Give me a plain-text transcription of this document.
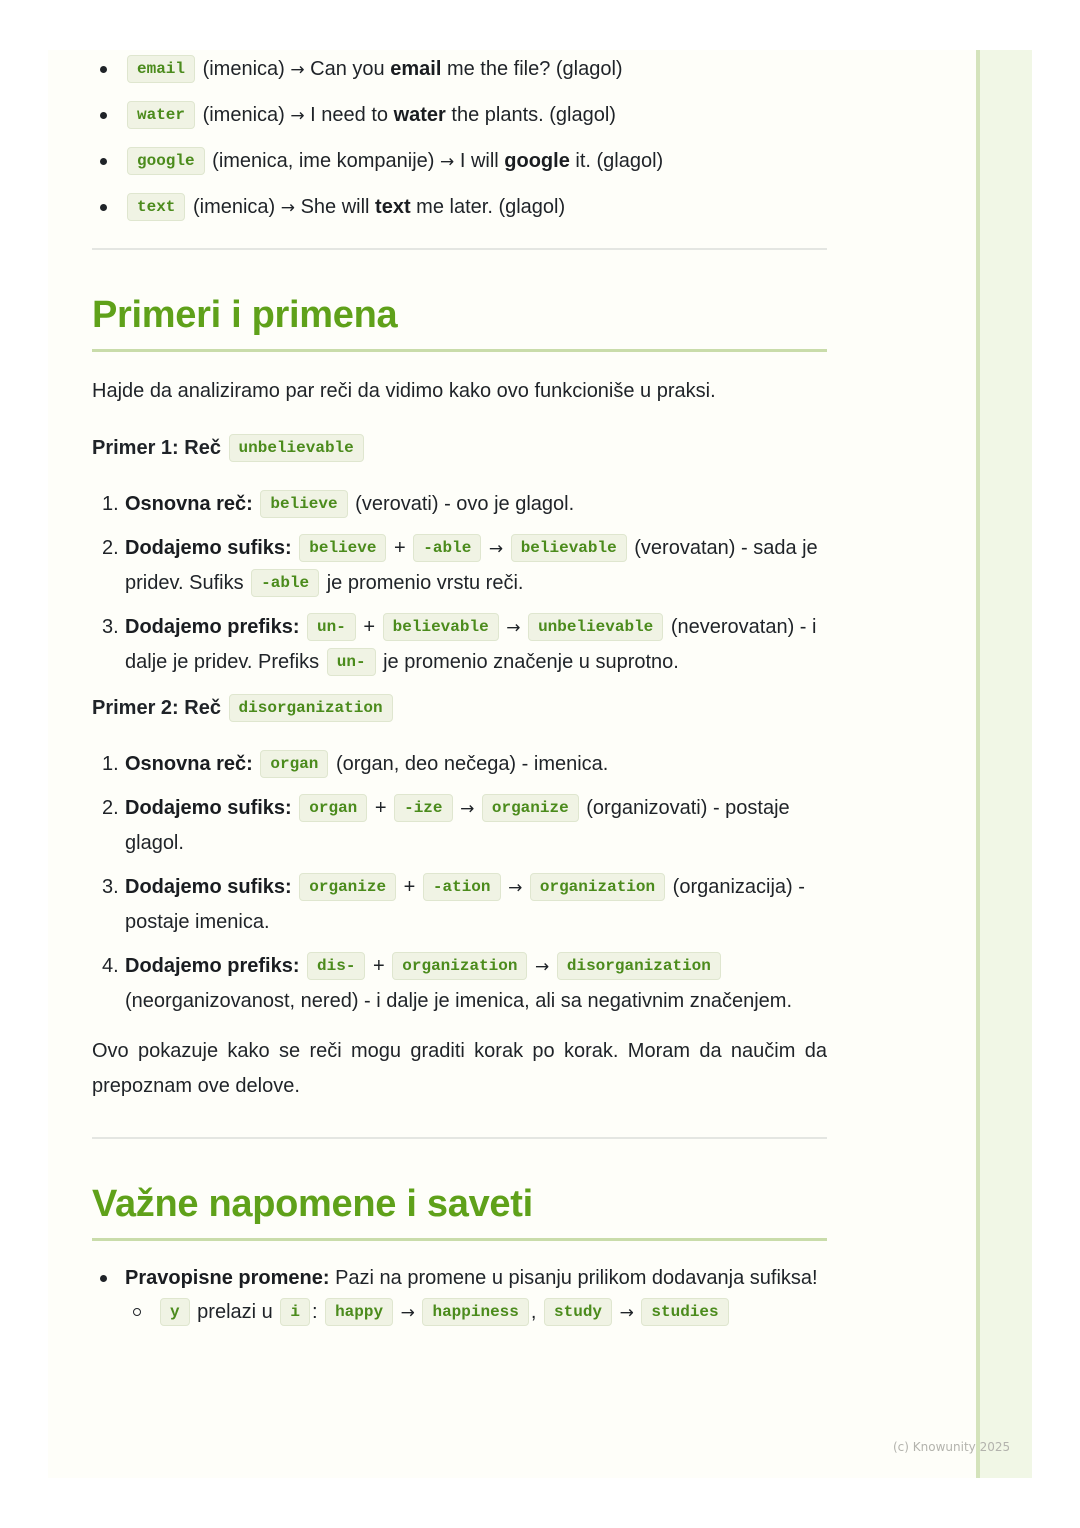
email (imenica) → Can you email me the file? (glagol)
water (imenica) → I need to water the plants. (glagol)
google (imenica, ime kompanije) → I will google it. (glagol)
text (imenica) → She will text me later. (glagol)
Primeri i primena

Hajde da analiziramo par reči da vidimo kako ovo funkcioniše u praksi.

Primer 1: Reč unbelievable

1. Osnovna reč: believe (verovati) - ovo je glagol.
2. Dodajemo sufiks: believe + -able → believable (verovatan) - sada je pridev. Sufiks -able je promenio vrstu reči.
3. Dodajemo prefiks: un- + believable → unbelievable (neverovatan) - i dalje je pridev. Prefiks un- je promenio značenje u suprotno.

Primer 2: Reč disorganization

1. Osnovna reč: organ (organ, deo nečega) - imenica.
2. Dodajemo sufiks: organ + -ize → organize (organizovati) - postaje glagol.
3. Dodajemo sufiks: organize + -ation → organization (organizacija) - postaje imenica.
4. Dodajemo prefiks: dis- + organization → disorganization (neorganizovanost, nered) - i dalje je imenica, ali sa negativnim značenjem.

Ovo pokazuje kako se reči mogu graditi korak po korak. Moram da naučim da prepoznam ove delove.

Važne napomene i saveti
Pravopisne promene: Pazi na promene u pisanju prilikom dodavanja sufiksa!
y prelazi u i : happy → happiness , study → studies
(c) Knowunity 2025
